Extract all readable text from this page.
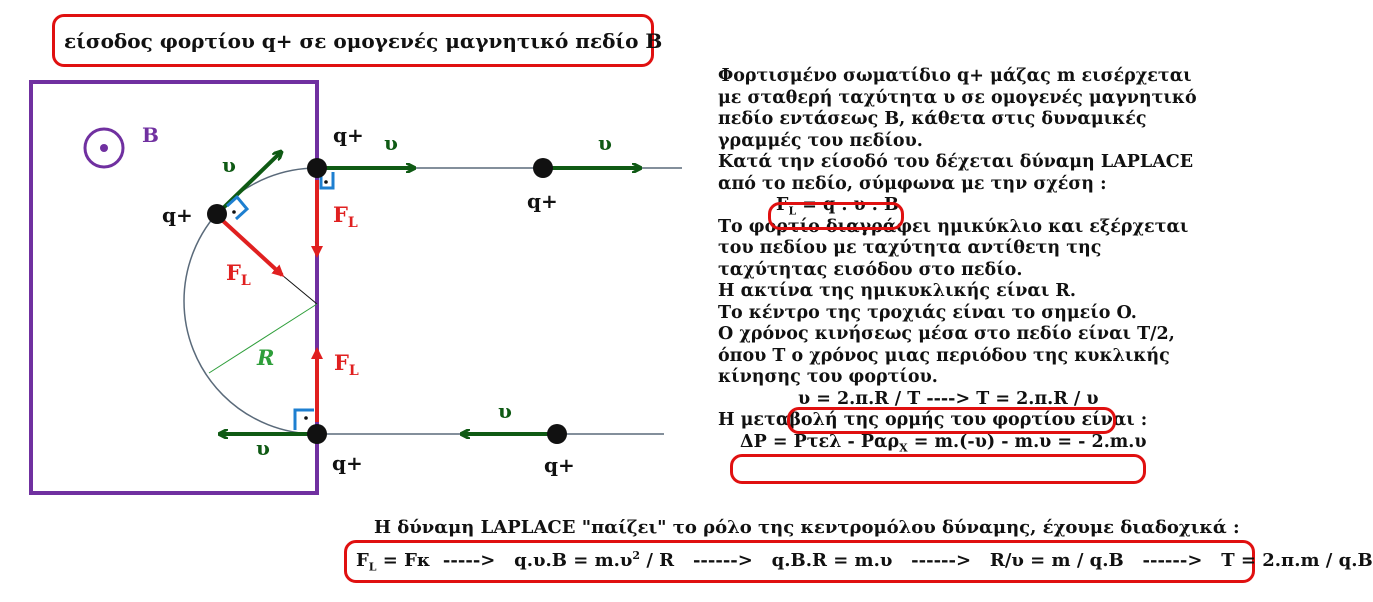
είσοδος φορτίου q+ σε ομογενές μαγνητικό πεδίο B
B
R
q+
q+
q+
q+	q+
υ	υ
υ
υ
υ
$F_L$
$F_L$
$F_L$
Φορτισμένο σωματίδιο q+ μάζας m εισέρχεται
με σταθερή ταχύτητα υ σε ομογενές μαγνητικό
πεδίο εντάσεως B, κάθετα στις δυναμικές
γραμμές του πεδίου.
Κατά την είσοδό του δέχεται δύναμη LAPLACE
από το πεδίο, σύμφωνα με την σχέση :
$F_L = q$ . υ . B
Το φορτίο διαγράφει ημικύκλιο και εξέρχεται
του πεδίου με ταχύτητα αντίθετη της
ταχύτητας εισόδου στο πεδίο.
Η ακτίνα της ημικυκλικής είναι R.
Το κέντρο της τροχιάς είναι το σημείο O.
Ο χρόνος κινήσεως μέσα στο πεδίο είναι T/2,
όπου T ο χρόνος μιας περιόδου της κυκλικής
κίνησης του φορτίου.
υ = 2.π.R / T ----> T = 2.π.R / υ
Η μεταβολή της ορμής του φορτίου είναι :
ΔP = Pτελ - Pαρ$_X$ = m.(-υ) - m.υ = - 2.m.υ
Η δύναμη LAPLACE "παίζει" το ρόλο της κεντρομόλου δύναμης, έχουμε διαδοχικά :
$F_L = F\kappa$  ----->   $q.\upsilon.B = m.\upsilon^2 / R$   ------>   q.B.R = m.υ   ------>   R/υ = m / q.B   ------>   T = 2.π.m / q.B
